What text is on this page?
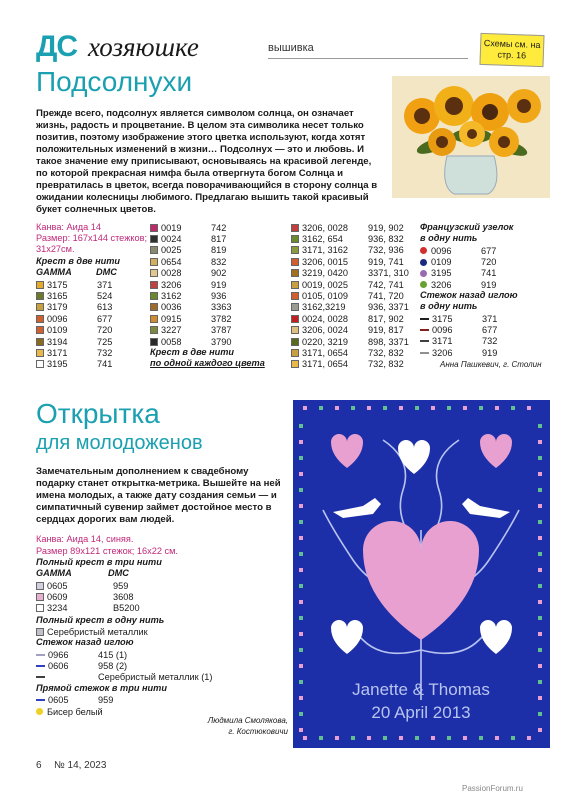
ДС хозяюшке	вышивка	Схемы см. на стр. 16
Подсолнухи
Прежде всего, подсолнух является символом солнца, он означает жизнь, радость и процветание. В целом эта символика несет только позитив, поэтому изображение этого цветка используют, когда хотят положительных изменений в жизни… Подсолнух — это и любовь. И такое значение ему приписывают, основываясь на красивой легенде, по которой прекрасная нимфа была отвергнута богом Солнца и превратилась в цветок, всегда поворачивающийся в сторону солнца в ожидании колесницы любимого. Предлагаю вышить такой красивый букет солнечных цветов.
Канва: Аида 14
Размер: 167х144 стежков; 31х27см.
Крест в две нити
GAMMA	DMC
3175	371
3165	524
3179	613
0096	677
0109	720
3194	725
3171	732
3195	741
0019	742
0024	817
0025	819
0654	832
0028	902
3206	919
3162	936
0036	3363
0915	3782
3227	3787
0058	3790
Крест в две нити
по одной каждого цвета
3206, 0028	919, 902
3162, 654	936, 832
3171, 3162	732, 936
3206, 0015	919, 741
3219, 0420	3371, 310
0019, 0025	742, 741
0105, 0109	741, 720
3162,3219	936, 3371
0024, 0028	817, 902
3206, 0024	919, 817
0220, 3219	898, 3371
3171, 0654	732, 832
3171, 0654	732, 832
Французский узелок
в одну нить
0096	677
0109	720
3195	741
3206	919
Стежок назад иглою
в одну нить
3175	371
0096	677
3171	732
3206	919
Анна Пашкевич, г. Столин
Открытка
для молодоженов
Замечательным дополнением к свадебному подарку станет открытка-метрика. Вышейте на ней имена молодых, а также дату создания семьи — и симпатичный сувенир займет достойное место в сердцах дорогих вам людей.
Канва: Аида 14, синяя.
Размер 89х121 стежок; 16х22 см.
Полный крест в три нити
GAMMA	DMC
0605	959
0609	3608
3234	B5200
Полный крест в одну нить
Серебристый металлик
Стежок назад иглою
0966	415 (1)
0606	958 (2)
Серебристый металлик (1)
Прямой стежок в три нити
0605	959
Бисер белый
Людмила Смолякова,
г. Костюковичи
Janette & Thomas
20 April 2013
6 № 14, 2023
PassionForum.ru
